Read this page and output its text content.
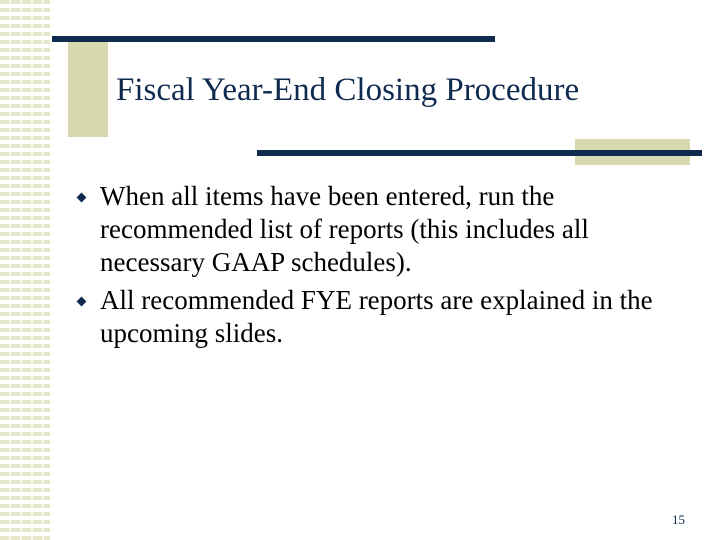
Fiscal Year-End Closing Procedure
When all items have been entered, run the recommended list of reports (this includes all necessary GAAP schedules).
All recommended FYE reports are explained in the upcoming slides.
15
